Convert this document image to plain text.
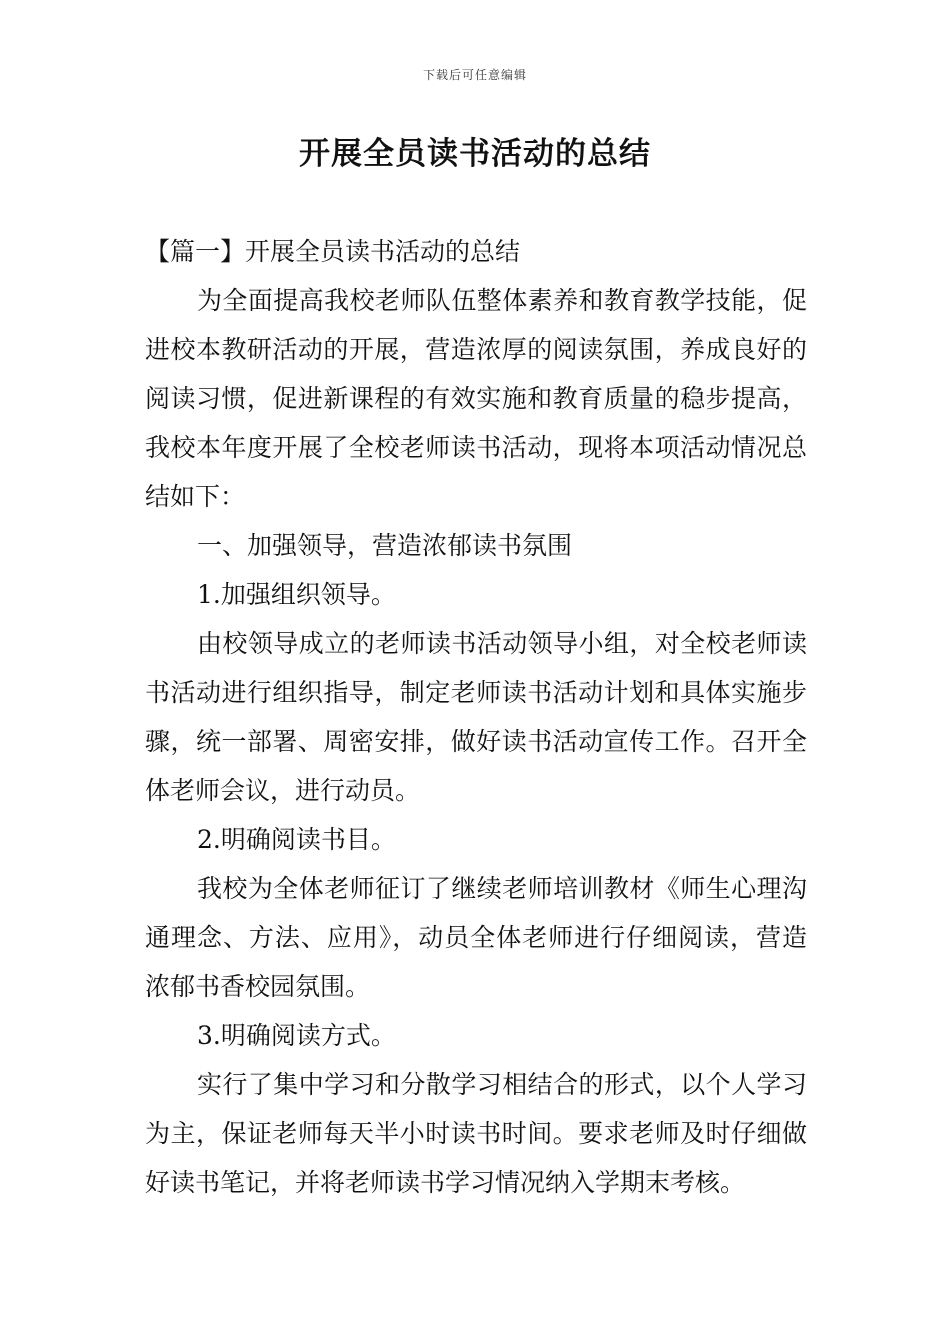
下载后可任意编辑
开展全员读书活动的总结

【篇一】开展全员读书活动的总结

为全面提高我校老师队伍整体素养和教育教学技能，促进校本教研活动的开展，营造浓厚的阅读氛围，养成良好的阅读习惯，促进新课程的有效实施和教育质量的稳步提高，我校本年度开展了全校老师读书活动，现将本项活动情况总结如下：

一、加强领导，营造浓郁读书氛围

1.加强组织领导。

由校领导成立的老师读书活动领导小组，对全校老师读书活动进行组织指导，制定老师读书活动计划和具体实施步骤，统一部署、周密安排，做好读书活动宣传工作。召开全体老师会议，进行动员。

2.明确阅读书目。

我校为全体老师征订了继续老师培训教材《师生心理沟通理念、方法、应用》，动员全体老师进行仔细阅读，营造浓郁书香校园氛围。

3.明确阅读方式。

实行了集中学习和分散学习相结合的形式，以个人学习为主，保证老师每天半小时读书时间。要求老师及时仔细做好读书笔记，并将老师读书学习情况纳入学期末考核。
